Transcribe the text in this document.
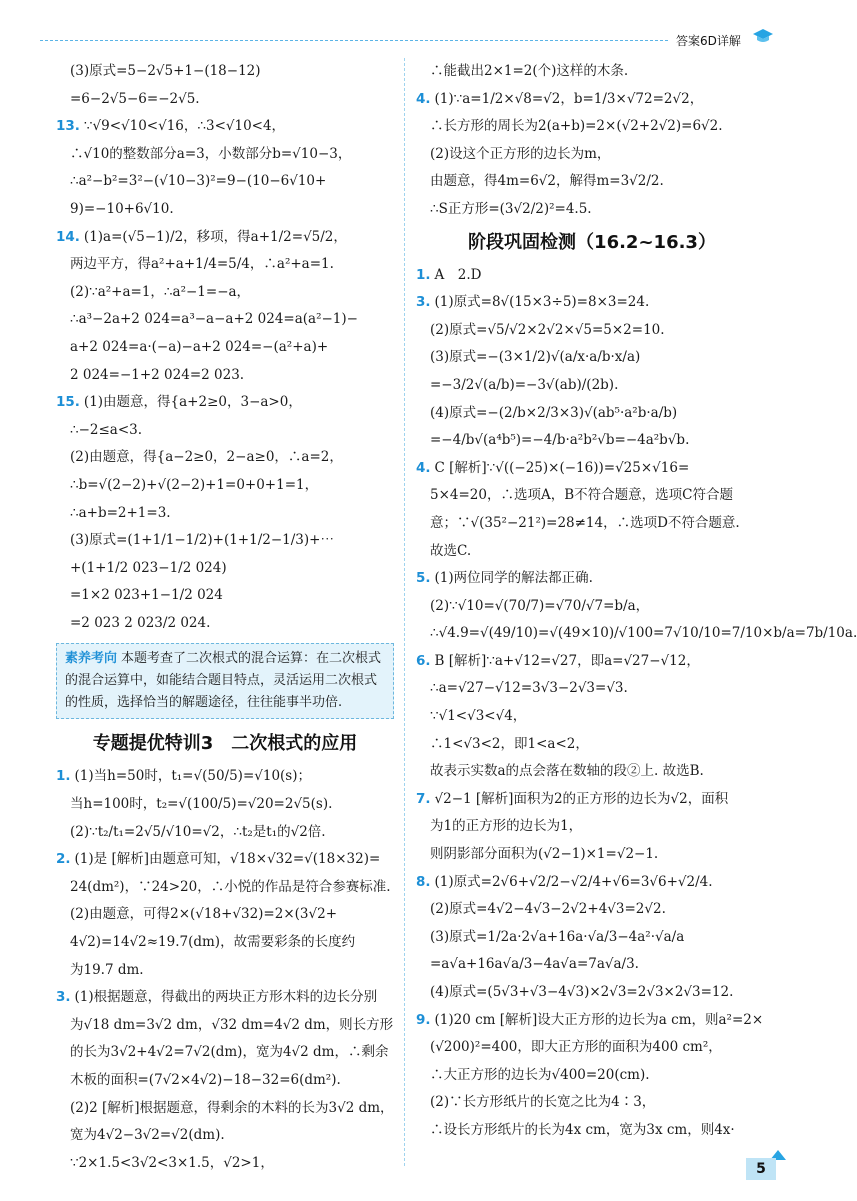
答案6D详解
(3)原式=5−2√5+1−(18−12)
=6−2√5−6=−2√5.
13. ∵√9<√10<√16，∴3<√10<4，
∴√10的整数部分a=3，小数部分b=√10−3，
∴a²−b²=3²−(√10−3)²=9−(10−6√10+
9)=−10+6√10.
14. (1)a=(√5−1)/2，移项，得a+1/2=√5/2，
两边平方，得a²+a+1/4=5/4，∴a²+a=1.
(2)∵a²+a=1，∴a²−1=−a，
∴a³−2a+2 024=a³−a−a+2 024=a(a²−1)−
a+2 024=a·(−a)−a+2 024=−(a²+a)+
2 024=−1+2 024=2 023.
15. (1)由题意，得{a+2≥0，3−a>0，
∴−2≤a<3.
(2)由题意，得{a−2≥0，2−a≥0，∴a=2，
∴b=√(2−2)+√(2−2)+1=0+0+1=1，
∴a+b=2+1=3.
(3)原式=(1+1/1−1/2)+(1+1/2−1/3)+⋯
+(1+1/2 023−1/2 024)
=1×2 023+1−1/2 024
=2 023 2 023/2 024.
素养考向 本题考查了二次根式的混合运算：在二次根式的混合运算中，如能结合题目特点，灵活运用二次根式的性质，选择恰当的解题途径，往往能事半功倍.
专题提优特训3　二次根式的应用
1. (1)当h=50时，t₁=√(50/5)=√10(s)；
当h=100时，t₂=√(100/5)=√20=2√5(s).
(2)∵t₂/t₁=2√5/√10=√2，∴t₂是t₁的√2倍.
2. (1)是 [解析]由题意可知，√18×√32=√(18×32)=
24(dm²)，∵24>20，∴小悦的作品是符合参赛标准.
(2)由题意，可得2×(√18+√32)=2×(3√2+
4√2)=14√2≈19.7(dm)，故需要彩条的长度约
为19.7 dm.
3. (1)根据题意，得截出的两块正方形木料的边长分别
为√18 dm=3√2 dm，√32 dm=4√2 dm，则长方形
的长为3√2+4√2=7√2(dm)，宽为4√2 dm，∴剩余
木板的面积=(7√2×4√2)−18−32=6(dm²).
(2)2 [解析]根据题意，得剩余的木料的长为3√2 dm，
宽为4√2−3√2=√2(dm).
∵2×1.5<3√2<3×1.5，√2>1，
∴能截出2×1=2(个)这样的木条.
4. (1)∵a=1/2×√8=√2，b=1/3×√72=2√2，
∴长方形的周长为2(a+b)=2×(√2+2√2)=6√2.
(2)设这个正方形的边长为m，
由题意，得4m=6√2，解得m=3√2/2.
∴S正方形=(3√2/2)²=4.5.
阶段巩固检测（16.2~16.3）
1. A　2.D
3. (1)原式=8√(15×3÷5)=8×3=24.
(2)原式=√5/√2×2√2×√5=5×2=10.
(3)原式=−(3×1/2)√(a/x·a/b·x/a)
=−3/2√(a/b)=−3√(ab)/(2b).
(4)原式=−(2/b×2/3×3)√(ab⁵·a²b·a/b)
=−4/b√(a⁴b⁵)=−4/b·a²b²√b=−4a²b√b.
4. C [解析]∵√((−25)×(−16))=√25×√16=
5×4=20，∴选项A，B不符合题意，选项C符合题
意；∵√(35²−21²)=28≠14，∴选项D不符合题意.
故选C.
5. (1)两位同学的解法都正确.
(2)∵√10=√(70/7)=√70/√7=b/a，
∴√4.9=√(49/10)=√(49×10)/√100=7√10/10=7/10×b/a=7b/10a.
6. B [解析]∵a+√12=√27，即a=√27−√12，
∴a=√27−√12=3√3−2√3=√3.
∵√1<√3<√4，
∴1<√3<2，即1<a<2，
故表示实数a的点会落在数轴的段②上. 故选B.
7. √2−1 [解析]面积为2的正方形的边长为√2，面积
为1的正方形的边长为1，
则阴影部分面积为(√2−1)×1=√2−1.
8. (1)原式=2√6+√2/2−√2/4+√6=3√6+√2/4.
(2)原式=4√2−4√3−2√2+4√3=2√2.
(3)原式=1/2a·2√a+16a·√a/3−4a²·√a/a
=a√a+16a√a/3−4a√a=7a√a/3.
(4)原式=(5√3+√3−4√3)×2√3=2√3×2√3=12.
9. (1)20 cm [解析]设大正方形的边长为a cm，则a²=2×
(√200)²=400，即大正方形的面积为400 cm²，
∴大正方形的边长为√400=20(cm).
(2)∵长方形纸片的长宽之比为4∶3，
∴设长方形纸片的长为4x cm，宽为3x cm，则4x·
5
